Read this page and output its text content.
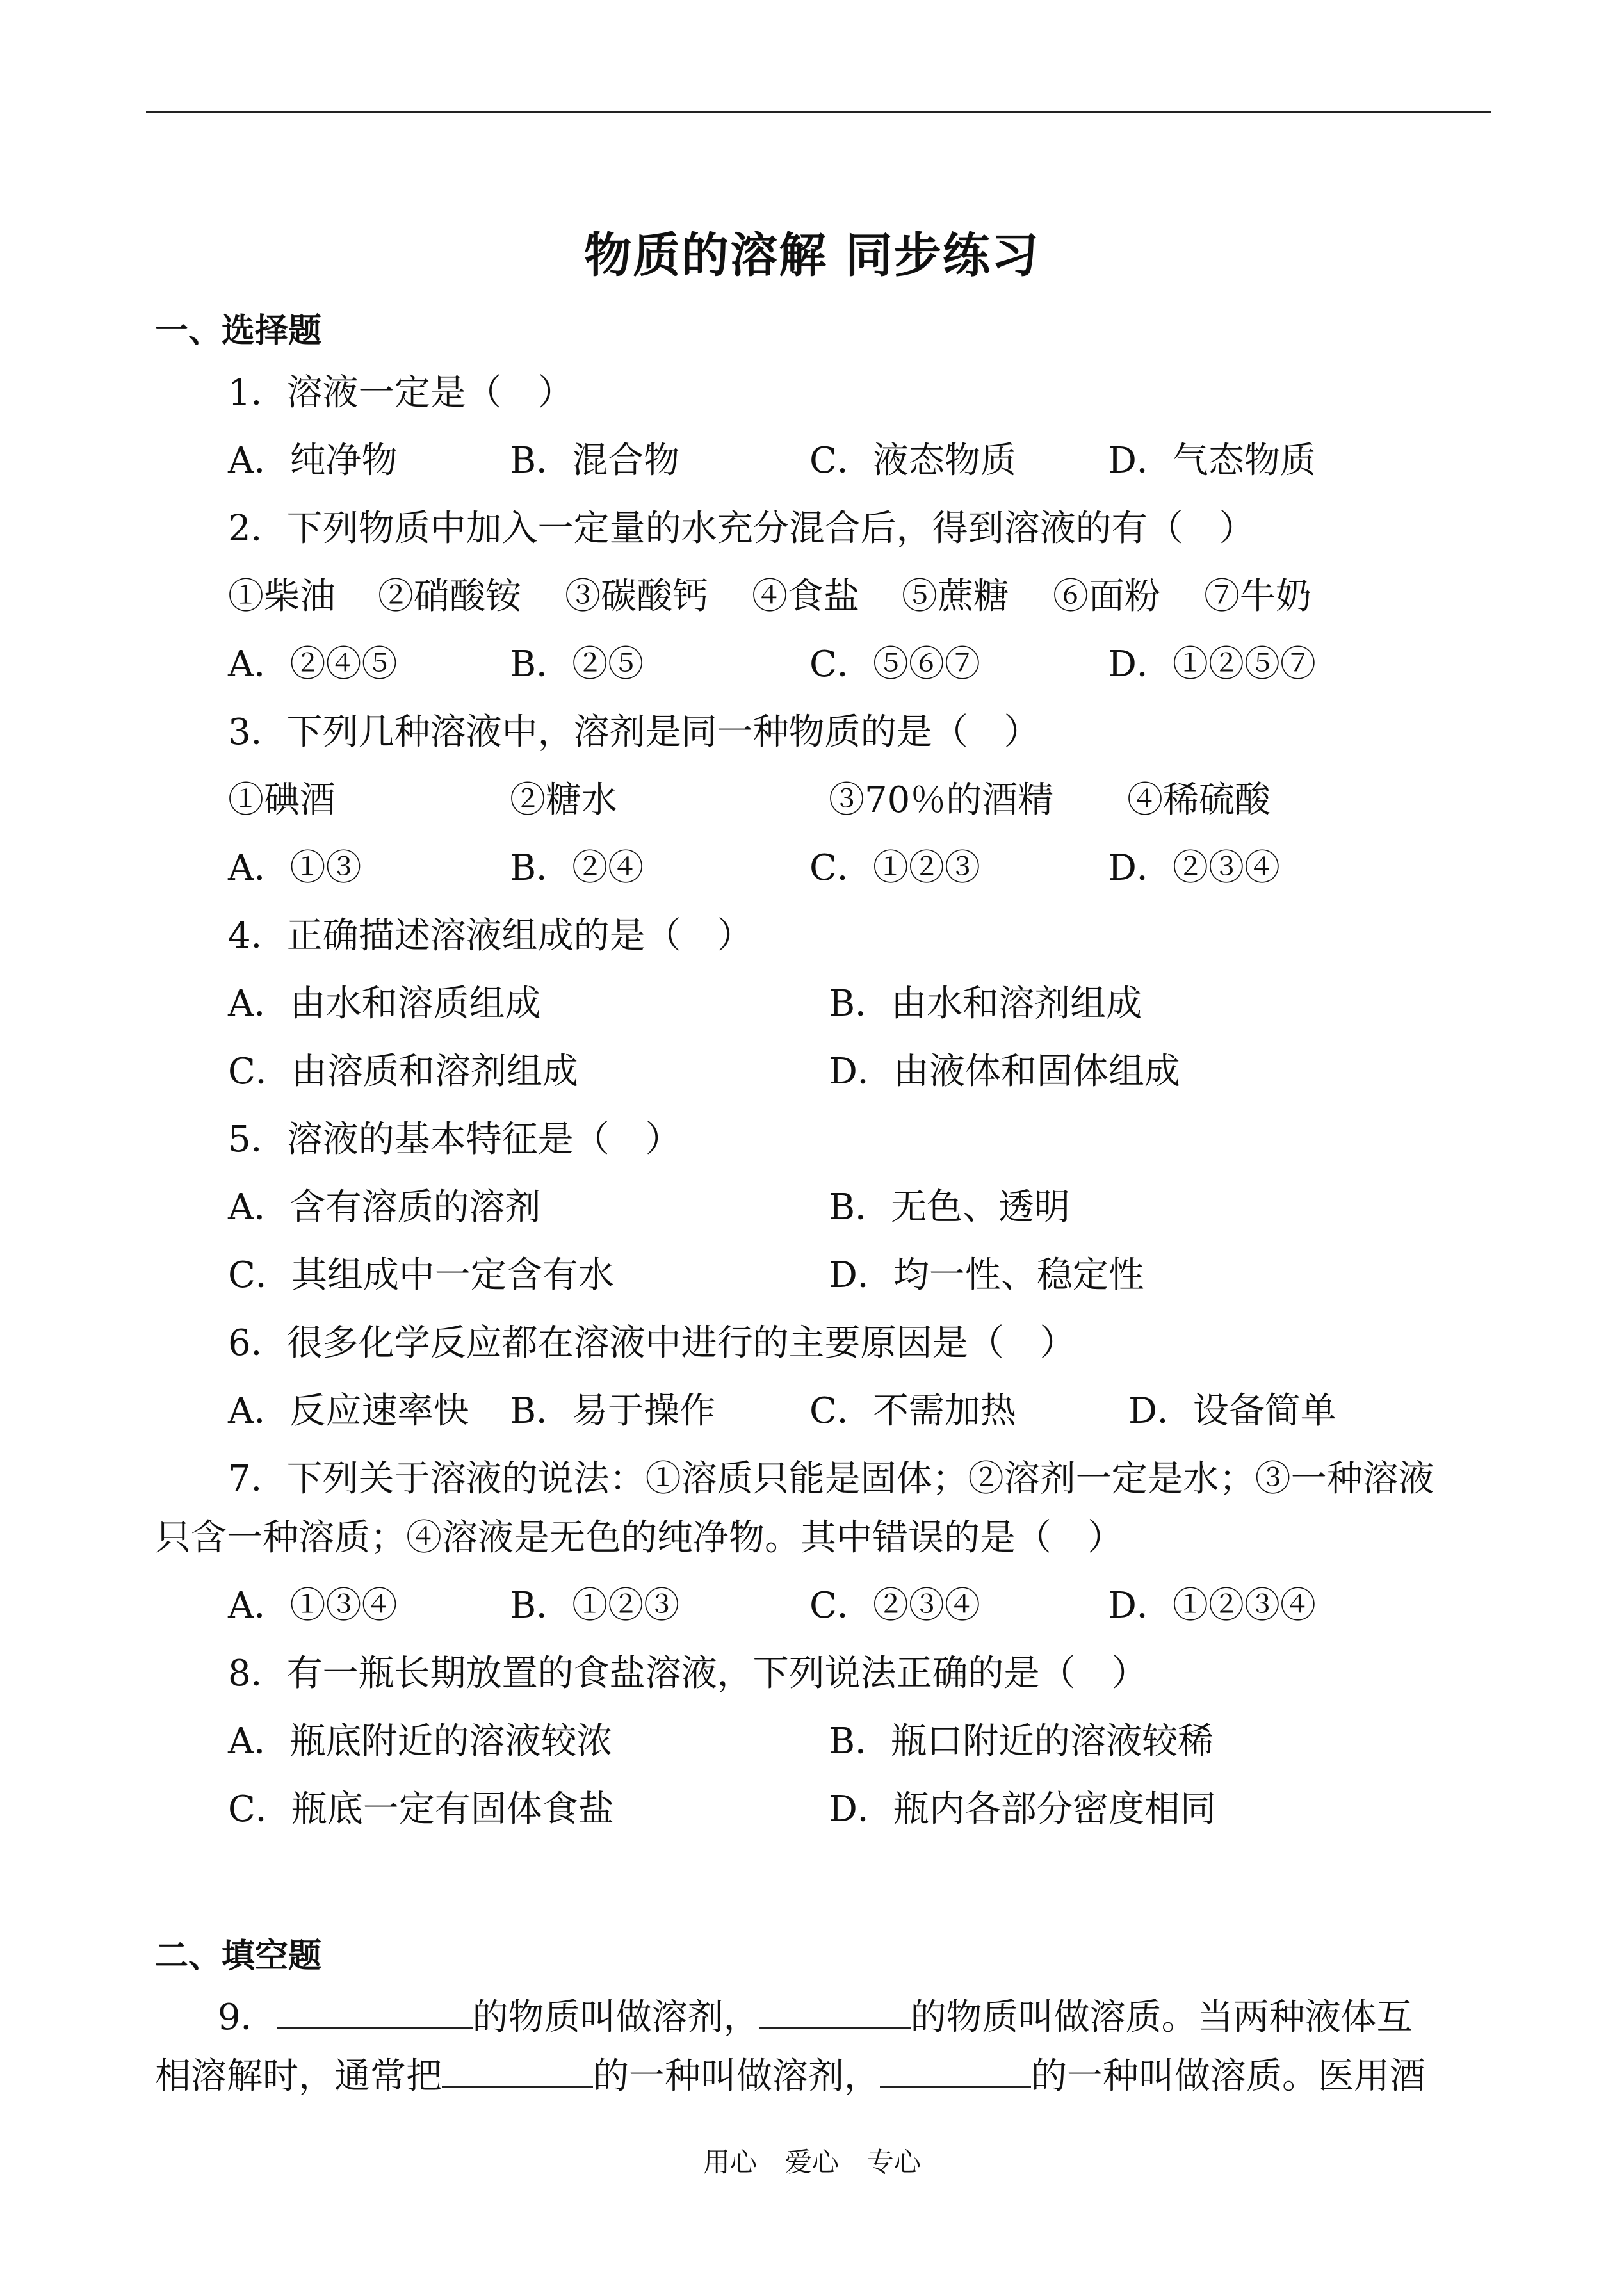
物质的溶解 同步练习
一、选择题
1．溶液一定是（　）
A．纯净物	B．混合物	C．液态物质	D．气态物质
2．下列物质中加入一定量的水充分混合后，得到溶液的有（　）
①柴油 ②硝酸铵 ③碳酸钙 ④食盐 ⑤蔗糖 ⑥面粉 ⑦牛奶
A．②④⑤	B．②⑤	C．⑤⑥⑦	D．①②⑤⑦
3．下列几种溶液中，溶剂是同一种物质的是（　）
①碘酒	②糖水	③70％的酒精 ④稀硫酸
A．①③	B．②④	C．①②③	D．②③④
4．正确描述溶液组成的是（　）
A．由水和溶质组成	B．由水和溶剂组成
C．由溶质和溶剂组成	D．由液体和固体组成
5．溶液的基本特征是（　）
A．含有溶质的溶剂	B．无色、透明
C．其组成中一定含有水	D．均一性、稳定性
6．很多化学反应都在溶液中进行的主要原因是（　）
A．反应速率快 B．易于操作	C．不需加热	D．设备简单
7．下列关于溶液的说法：①溶质只能是固体；②溶剂一定是水；③一种溶液
只含一种溶质；④溶液是无色的纯净物。其中错误的是（　）
A．①③④	B．①②③	C．②③④	D．①②③④
8．有一瓶长期放置的食盐溶液，下列说法正确的是（　）
A．瓶底附近的溶液较浓	B．瓶口附近的溶液较稀
C．瓶底一定有固体食盐	D．瓶内各部分密度相同
二、填空题
9．	的物质叫做溶剂，	的物质叫做溶质。当两种液体互
相溶解时，通常把	的一种叫做溶剂，	的一种叫做溶质。医用酒
用心 爱心 专心
